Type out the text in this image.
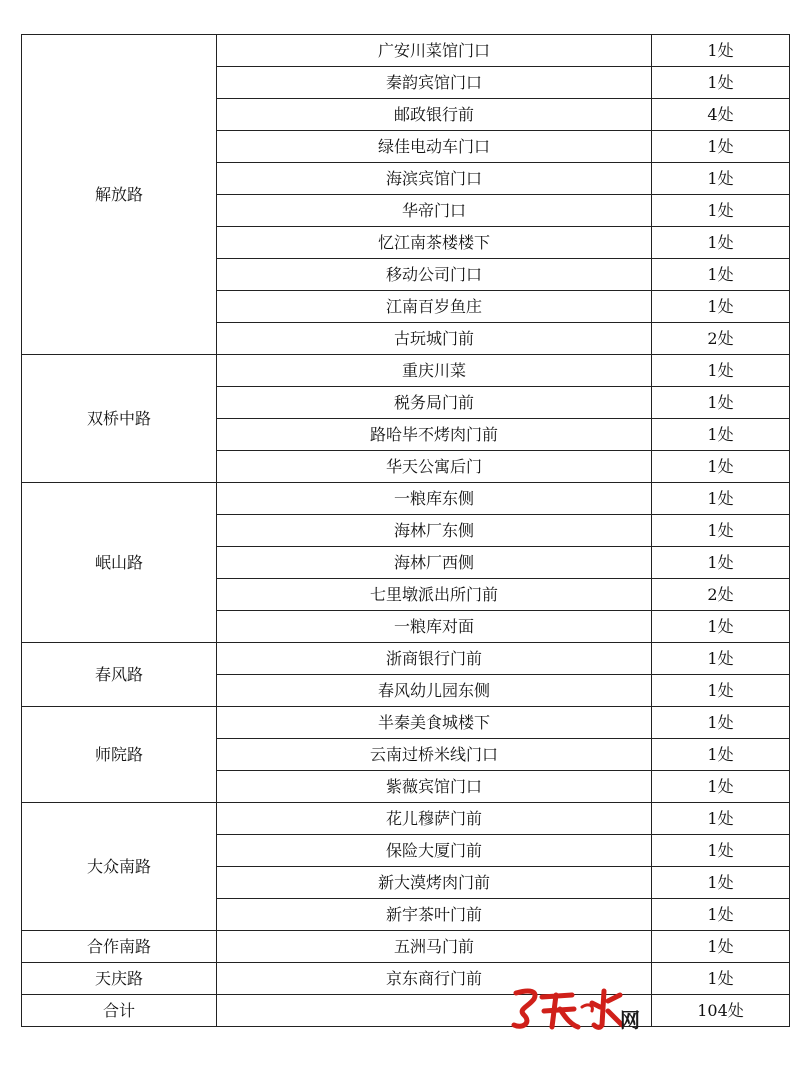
解放路	广安川菜馆门口	1处
	秦韵宾馆门口	1处
	邮政银行前	4处
	绿佳电动车门口	1处
	海滨宾馆门口	1处
	华帝门口	1处
	忆江南茶楼楼下	1处
	移动公司门口	1处
	江南百岁鱼庄	1处
	古玩城门前	2处
双桥中路	重庆川菜	1处
	税务局门前	1处
	路哈毕不烤肉门前	1处
	华天公寓后门	1处
岷山路	一粮库东侧	1处
	海林厂东侧	1处
	海林厂西侧	1处
	七里墩派出所门前	2处
	一粮库对面	1处
春风路	浙商银行门前	1处
	春风幼儿园东侧	1处
师院路	半秦美食城楼下	1处
	云南过桥米线门口	1处
	紫薇宾馆门口	1处
大众南路	花儿穆萨门前	1处
	保险大厦门前	1处
	新大漠烤肉门前	1处
	新宇茶叶门前	1处
合作南路	五洲马门前	1处
天庆路	京东商行门前	1处
合计		104处
网
